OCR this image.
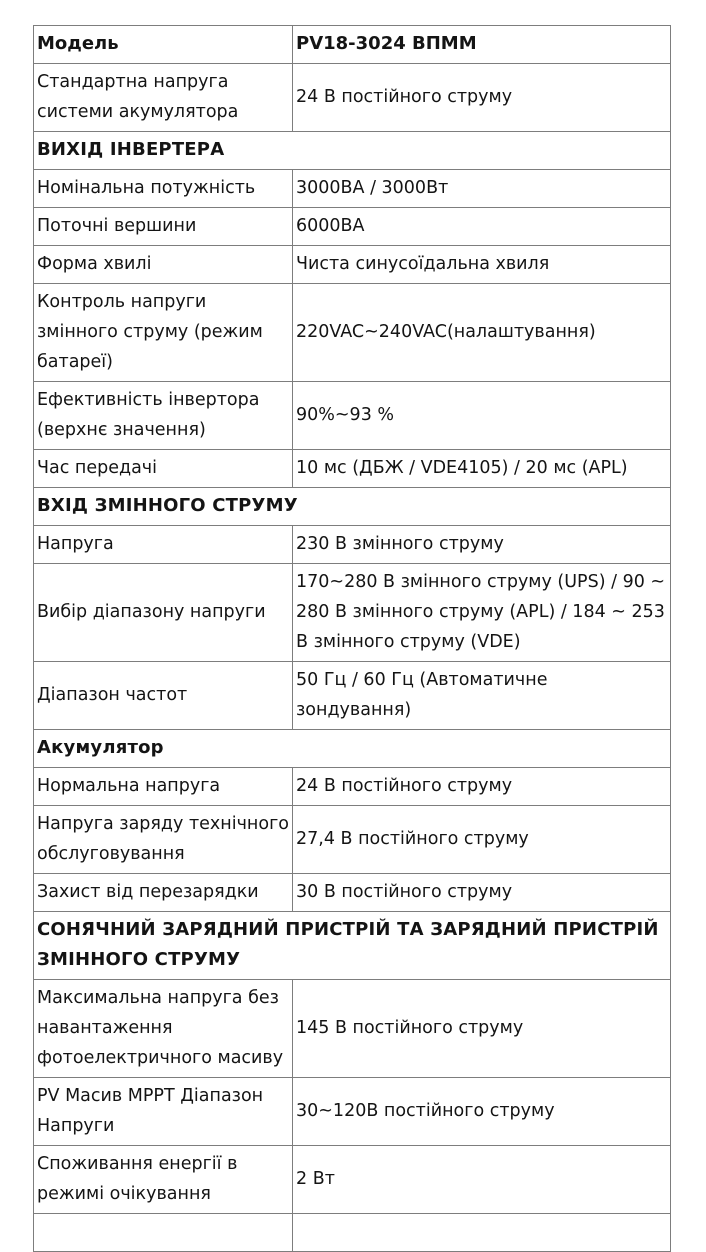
Модель	PV18-3024 ВПММ
Стандартна напруга системи акумулятора	24 В постійного струму
ВИХІД ІНВЕРТЕРА	
Номінальна потужність	3000ВА / 3000Вт
Поточні вершини	6000ВА
Форма хвилі	Чиста синусоїдальна хвиля
Контроль напруги змінного струму (режим батареї)	220VAC~240VAC(налаштування)
Ефективність інвертора (верхнє значення)	90%~93 %
Час передачі	10 мс (ДБЖ / VDE4105) / 20 мс (APL)
ВХІД ЗМІННОГО СТРУМУ	
Напруга	230 В змінного струму
Вибір діапазону напруги	170~280 В змінного струму (UPS) / 90 ~ 280 В змінного струму (APL) / 184 ~ 253 В змінного струму (VDE)
Діапазон частот	50 Гц / 60 Гц (Автоматичне зондування)
Акумулятор	
Нормальна напруга	24 В постійного струму
Напруга заряду технічного обслуговування	27,4 В постійного струму
Захист від перезарядки	30 В постійного струму
СОНЯЧНИЙ ЗАРЯДНИЙ ПРИСТРІЙ ТА ЗАРЯДНИЙ ПРИСТРІЙ ЗМІННОГО СТРУМУ	
Максимальна напруга без навантаження фотоелектричного масиву	145 В постійного струму
PV Масив MPPT Діапазон Напруги	30~120В постійного струму
Споживання енергії в режимі очікування	2 Вт
